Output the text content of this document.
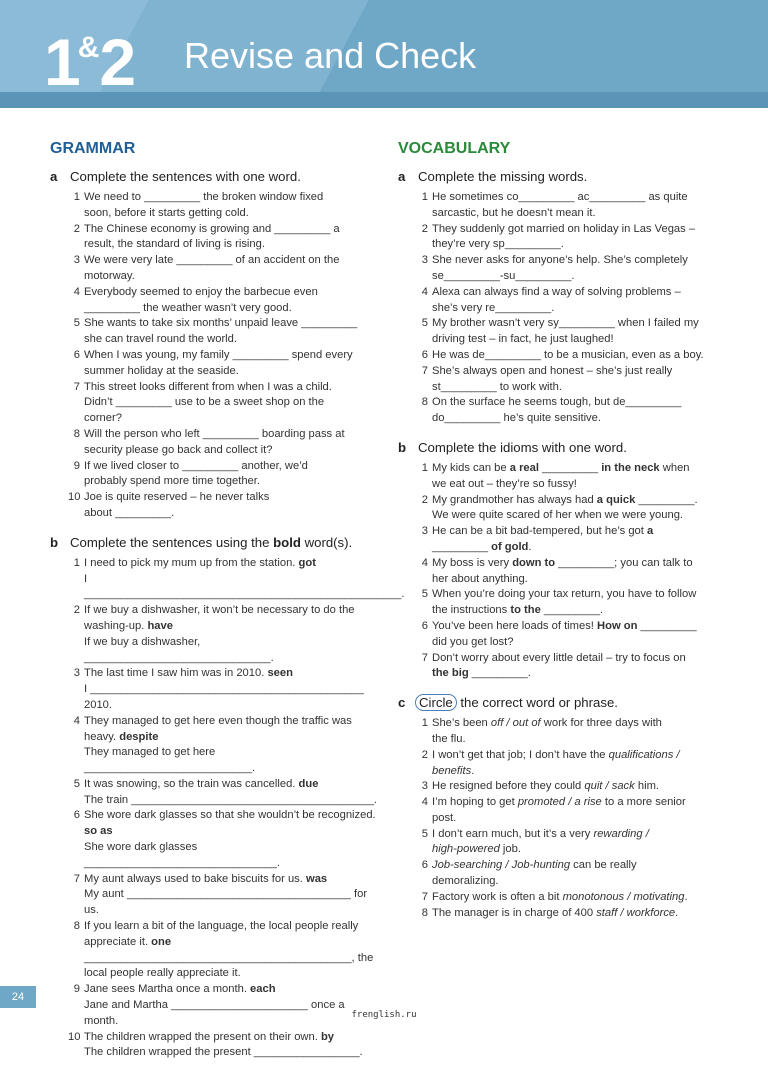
1&2 Revise and Check
GRAMMAR
a Complete the sentences with one word.
1 We need to _________ the broken window fixed
soon, before it starts getting cold.
2 The Chinese economy is growing and _________ a
result, the standard of living is rising.
3 We were very late _________ of an accident on the
motorway.
4 Everybody seemed to enjoy the barbecue even
_________ the weather wasn’t very good.
5 She wants to take six months’ unpaid leave _________
she can travel round the world.
6 When I was young, my family _________ spend every
summer holiday at the seaside.
7 This street looks different from when I was a child.
Didn’t _________ use to be a sweet shop on the
corner?
8 Will the person who left _________ boarding pass at
security please go back and collect it?
9 If we lived closer to _________ another, we’d
probably spend more time together.
10 Joe is quite reserved – he never talks
about _________.
b Complete the sentences using the bold word(s).
1 I need to pick my mum up from the station. got
I ___________________________________________________.
2 If we buy a dishwasher, it won’t be necessary to do the washing-up. have
If we buy a dishwasher, ______________________________.
3 The last time I saw him was in 2010. seen
I ____________________________________________ 2010.
4 They managed to get here even though the traffic was heavy. despite
They managed to get here ___________________________.
5 It was snowing, so the train was cancelled. due
The train _______________________________________.
6 She wore dark glasses so that she wouldn’t be recognized. so as
She wore dark glasses _______________________________.
7 My aunt always used to bake biscuits for us. was
My aunt ____________________________________ for us.
8 If you learn a bit of the language, the local people really appreciate it. one
___________________________________________, the local people really appreciate it.
9 Jane sees Martha once a month. each
Jane and Martha ______________________ once a month.
10 The children wrapped the present on their own. by
The children wrapped the present _________________.
VOCABULARY
a Complete the missing words.
1 He sometimes co_________ ac_________ as quite
sarcastic, but he doesn’t mean it.
2 They suddenly got married on holiday in Las Vegas –
they’re very sp_________.
3 She never asks for anyone’s help. She’s completely
se_________-su_________.
4 Alexa can always find a way of solving problems –
she’s very re_________.
5 My brother wasn’t very sy_________ when I failed my
driving test – in fact, he just laughed!
6 He was de_________ to be a musician, even as a boy.
7 She’s always open and honest – she’s just really
st_________ to work with.
8 On the surface he seems tough, but de_________
do_________ he’s quite sensitive.
b Complete the idioms with one word.
1 My kids can be a real _________ in the neck when
we eat out – they’re so fussy!
2 My grandmother has always had a quick _________.
We were quite scared of her when we were young.
3 He can be a bit bad-tempered, but he’s got a
_________ of gold.
4 My boss is very down to _________; you can talk to
her about anything.
5 When you’re doing your tax return, you have to follow
the instructions to the _________.
6 You’ve been here loads of times! How on _________
did you get lost?
7 Don’t worry about every little detail – try to focus on
the big _________.
c Circle the correct word or phrase.
1 She’s been off / out of work for three days with
the flu.
2 I won’t get that job; I don’t have the qualifications /
benefits.
3 He resigned before they could quit / sack him.
4 I’m hoping to get promoted / a rise to a more senior
post.
5 I don’t earn much, but it’s a very rewarding /
high-powered job.
6 Job-searching / Job-hunting can be really
demoralizing.
7 Factory work is often a bit monotonous / motivating.
8 The manager is in charge of 400 staff / workforce.
24
frenglish.ru
